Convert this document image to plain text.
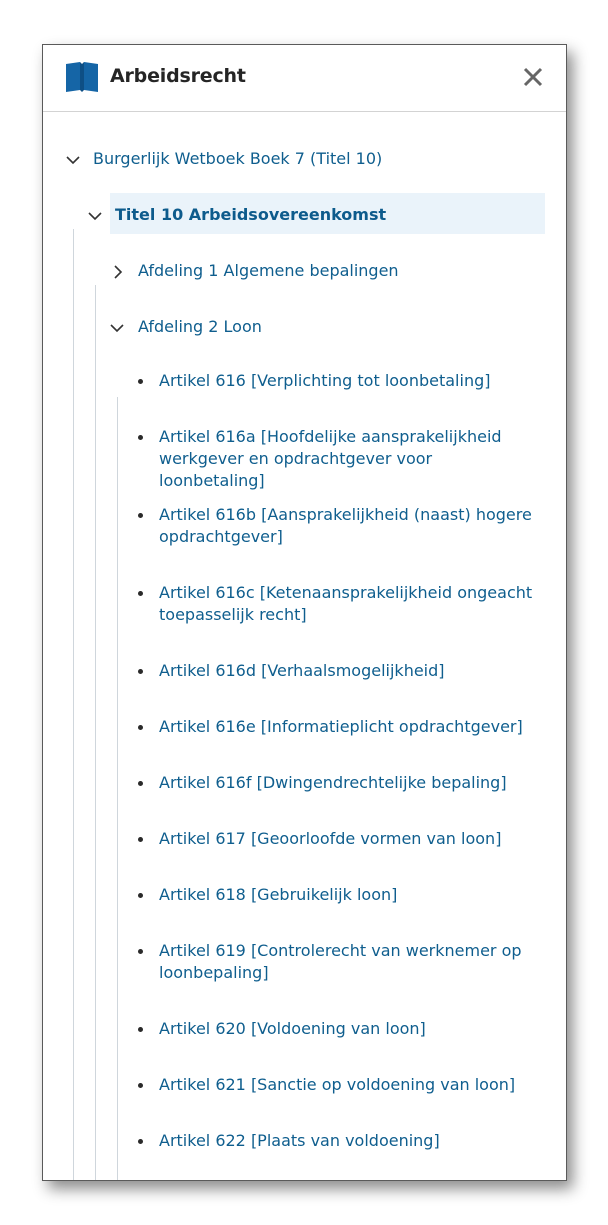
Arbeidsrecht
Burgerlijk Wetboek Boek 7 (Titel 10)
Titel 10 Arbeidsovereenkomst
Afdeling 1 Algemene bepalingen
Afdeling 2 Loon
Artikel 616 [Verplichting tot loonbetaling]
Artikel 616a [Hoofdelijke aansprakelijkheid werkgever en opdrachtgever voor loonbetaling]
Artikel 616b [Aansprakelijkheid (naast) hogere opdrachtgever]
Artikel 616c [Ketenaansprakelijkheid ongeacht toepasselijk recht]
Artikel 616d [Verhaalsmogelijkheid]
Artikel 616e [Informatieplicht opdrachtgever]
Artikel 616f [Dwingendrechtelijke bepaling]
Artikel 617 [Geoorloofde vormen van loon]
Artikel 618 [Gebruikelijk loon]
Artikel 619 [Controlerecht van werknemer op loonbepaling]
Artikel 620 [Voldoening van loon]
Artikel 621 [Sanctie op voldoening van loon]
Artikel 622 [Plaats van voldoening]
